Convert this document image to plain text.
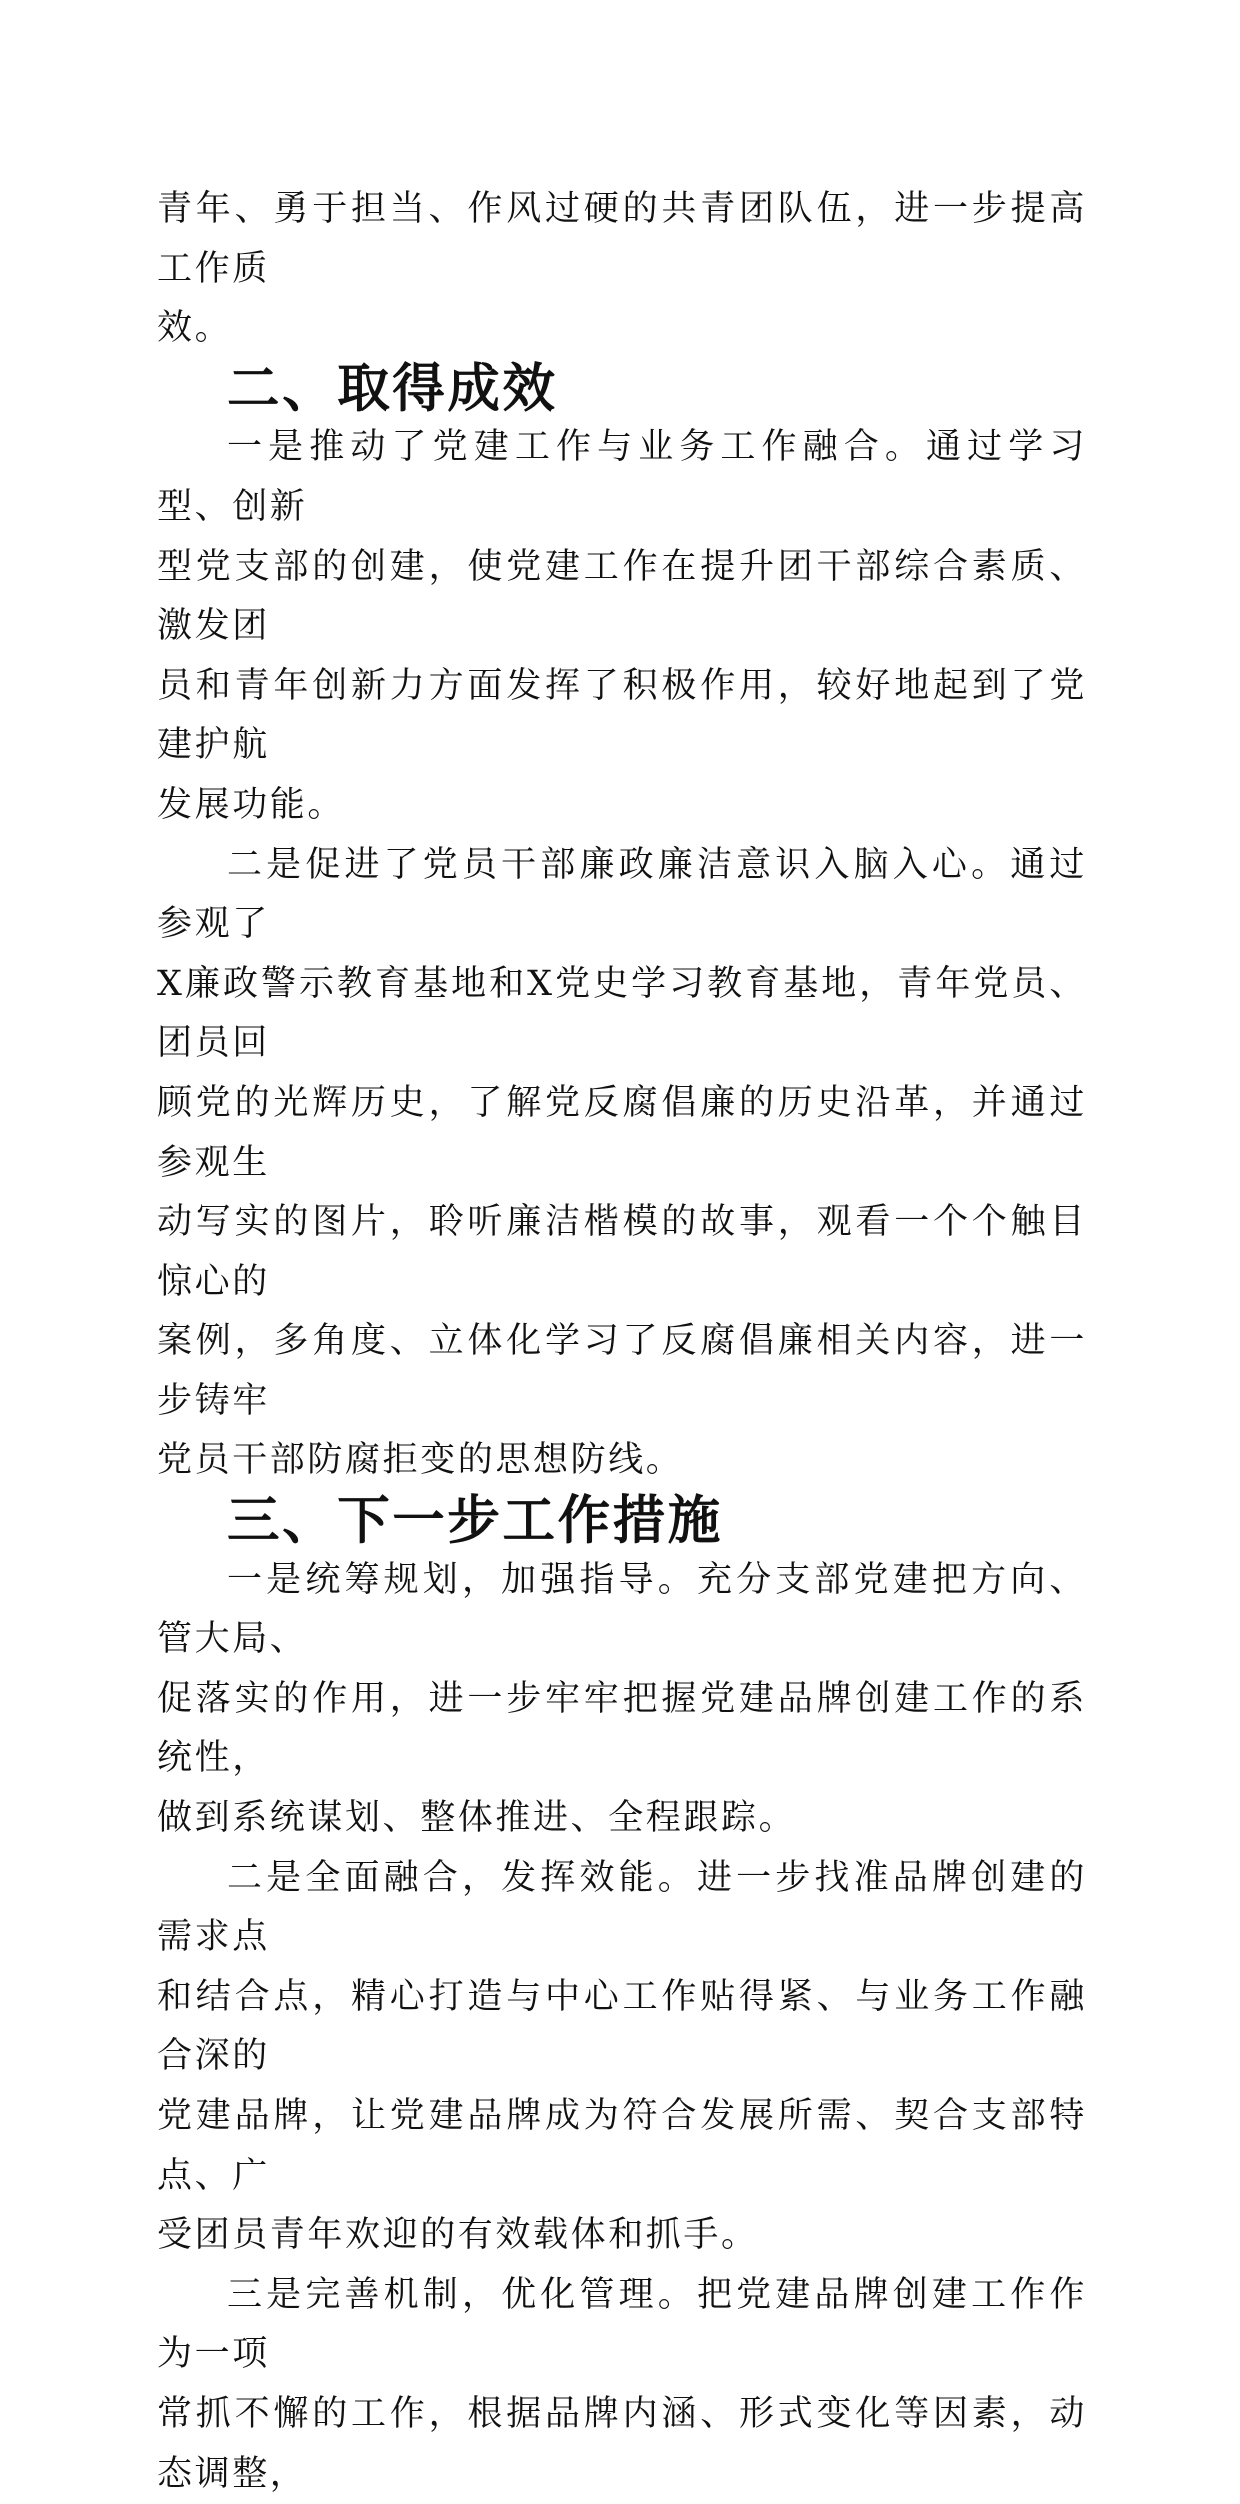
青年、勇于担当、作风过硬的共青团队伍，进一步提高工作质
效。

二、取得成效

一是推动了党建工作与业务工作融合。通过学习型、创新
型党支部的创建，使党建工作在提升团干部综合素质、激发团
员和青年创新力方面发挥了积极作用，较好地起到了党建护航
发展功能。

二是促进了党员干部廉政廉洁意识入脑入心。通过参观了
X廉政警示教育基地和X党史学习教育基地，青年党员、团员回
顾党的光辉历史，了解党反腐倡廉的历史沿革，并通过参观生
动写实的图片，聆听廉洁楷模的故事，观看一个个触目惊心的
案例，多角度、立体化学习了反腐倡廉相关内容，进一步铸牢
党员干部防腐拒变的思想防线。

三、下一步工作措施

一是统筹规划，加强指导。充分支部党建把方向、管大局、
促落实的作用，进一步牢牢把握党建品牌创建工作的系统性，
做到系统谋划、整体推进、全程跟踪。

二是全面融合，发挥效能。进一步找准品牌创建的需求点
和结合点，精心打造与中心工作贴得紧、与业务工作融合深的
党建品牌，让党建品牌成为符合发展所需、契合支部特点、广
受团员青年欢迎的有效载体和抓手。

三是完善机制，优化管理。把党建品牌创建工作作为一项
常抓不懈的工作，根据品牌内涵、形式变化等因素，动态调整，
